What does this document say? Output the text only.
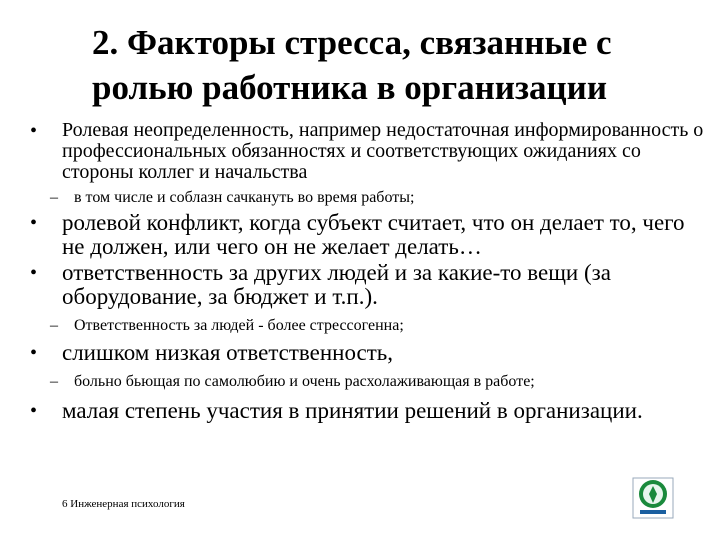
2. Факторы стресса, связанные с
ролью работника в организации
• Ролевая неопределенность, например недостаточная информированность о профессиональных обязанностях и соответствующих ожиданиях со стороны коллег и начальства
– в том числе и соблазн сачкануть во время работы;
• ролевой конфликт, когда субъект считает, что он делает то, чего не должен, или чего он не желает делать…
• ответственность за других людей и за какие-то вещи (за оборудование, за бюджет и т.п.).
– Ответственность за людей - более стрессогенна;
• слишком низкая ответственность,
– больно бьющая по самолюбию и очень расхолаживающая в работе;
• малая степень участия в принятии решений в организации.
6 Инженерная психология
